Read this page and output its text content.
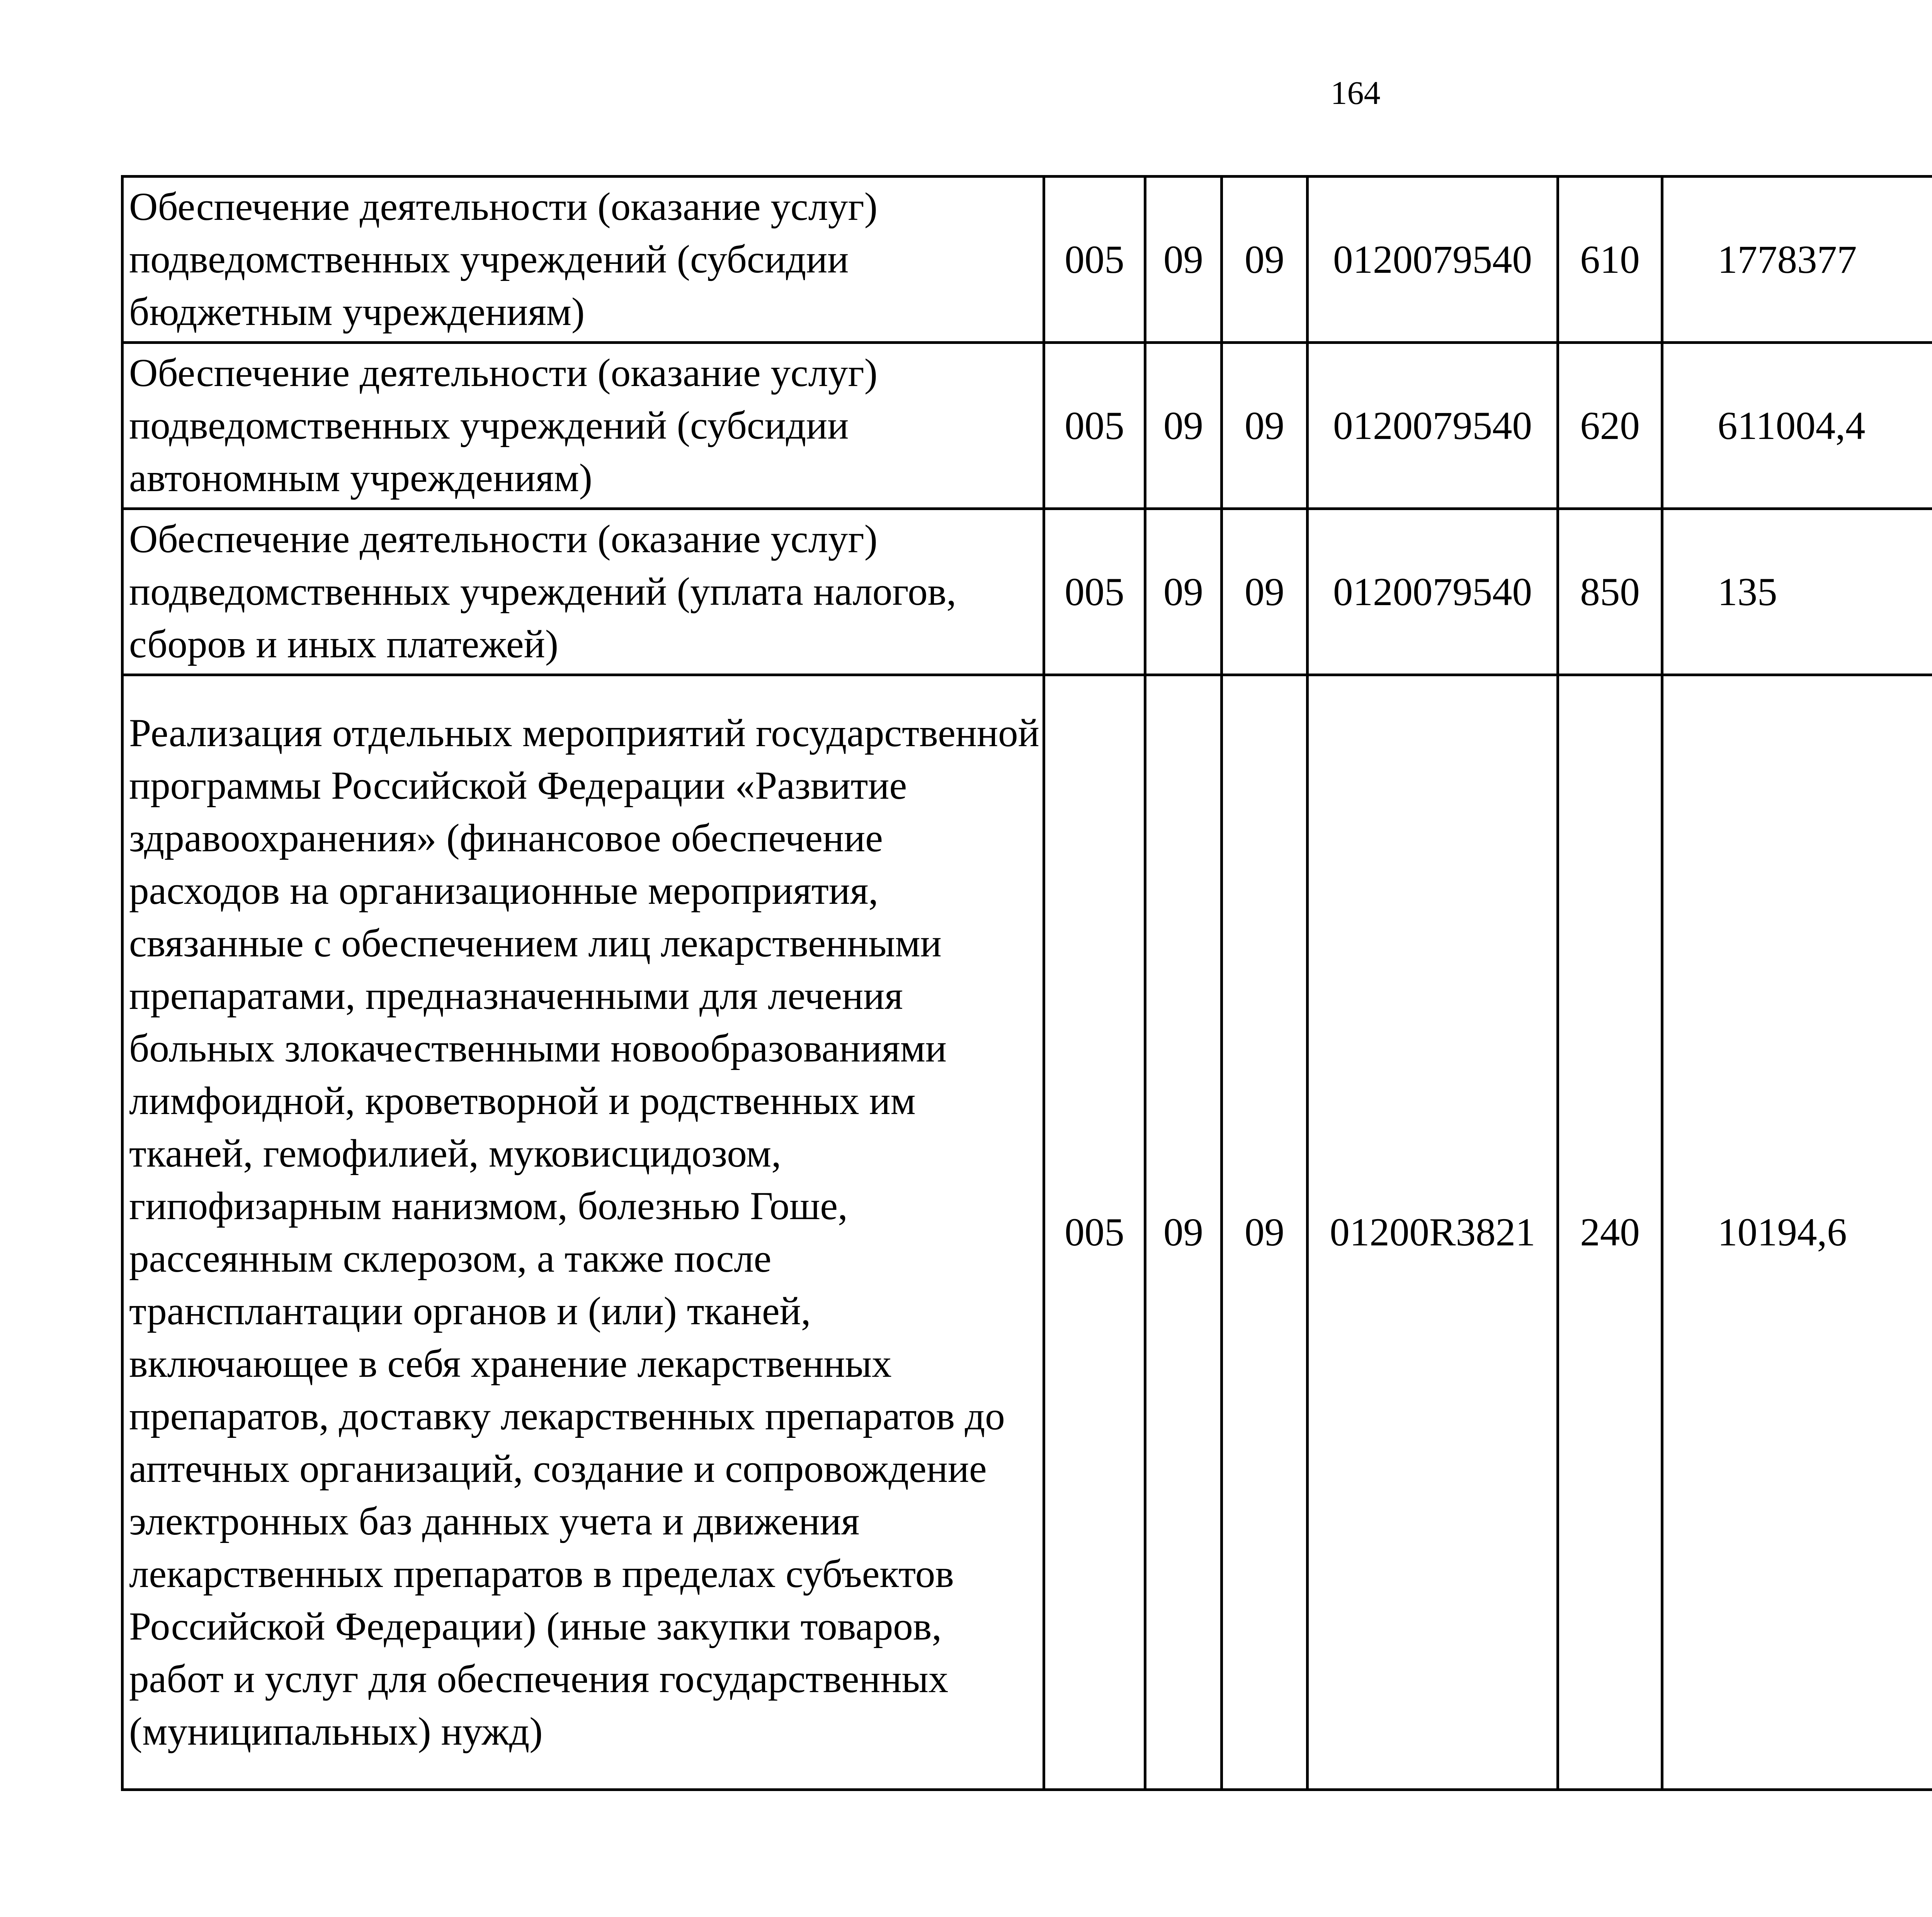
164
Обеспечение деятельности (оказание услуг) подведомственных учреждений (субсидии бюджетным учреждениям)	005	09	09	0120079540	610	1778377		
Обеспечение деятельности (оказание услуг) подведомственных учреждений (субсидии автономным учреждениям)	005	09	09	0120079540	620	611004,4		
Обеспечение деятельности (оказание услуг) подведомственных учреждений (уплата налогов, сборов и иных платежей)	005	09	09	0120079540	850	135		
Реализация отдельных мероприятий государственной программы Российской Федерации «Развитие здравоохранения» (финансовое обеспечение расходов на организационные мероприятия, связанные с обеспечением лиц лекарственными препаратами, предназначенными для лечения больных злокачественными новообразованиями лимфоидной, кроветворной и родственных им тканей, гемофилией, муковисцидозом, гипофизарным нанизмом, болезнью Гоше, рассеянным склерозом, а также после трансплантации органов и (или) тканей, включающее в себя хранение лекарственных препаратов, доставку лекарственных препаратов до аптечных организаций, создание и сопровождение электронных баз данных учета и движения лекарственных препаратов в пределах субъектов Российской Федерации) (иные закупки товаров, работ и услуг для обеспечения государственных (муниципальных) нужд)	005	09	09	01200R3821	240	10194,6		
